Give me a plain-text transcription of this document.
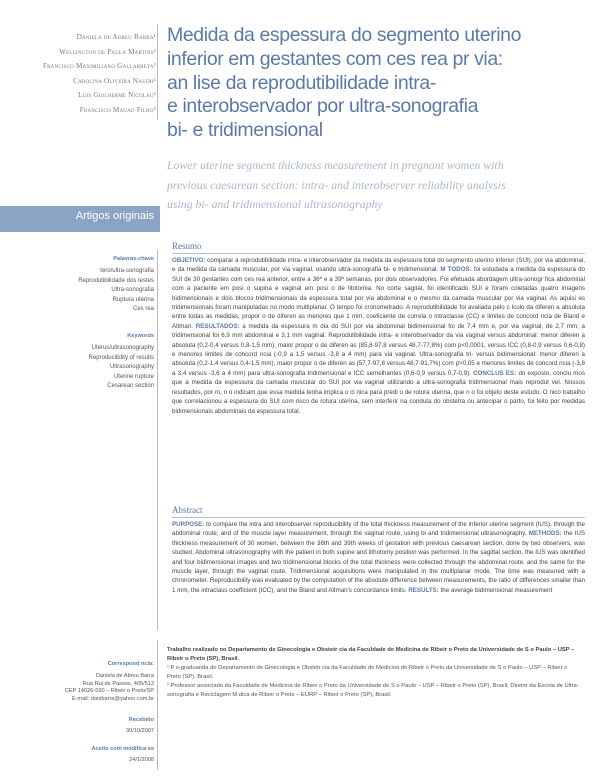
Daniela de Abreu Barra¹
Wellington de Paula Martins²
Francisco Maximiliano Gallarreta²
Carolina Oliveira Nastri²
Luis Guilherme Nicolau²
Francisco Mauad Filho³
Medida da espessura do segmento uterino
inferior em gestantes com ces rea pr via:
an lise da reprodutibilidade intra-
e interobservador por ultra-sonografia
bi- e tridimensional
Lower uterine segment thickness measurement in pregnant women with
previous caesarean section: intra- and interobserver reliability analysis
using bi- and tridimensional ultrasonography
Artigos originais
Palavras-chave
tero/ultra-sonografia
Reprodutibilidade dos testes
Ultra-sonografia
Ruptura uterina
Ces rea
Keywords
Uterus/ultrasonography
Reproducibility of results
Ultrasonography
Uterine rupture
Cesarean section
Resumo

OBJETIVO: comparar a reprodutibilidade intra- e interobservador da medida da espessura total do segmento uterino inferior (SUI), por via abdominal, e da medida da camada muscular, por via vaginal, usando ultra-sonografia bi- e tridimensional. M TODOS: foi estudada a medida da espessura do SUI de 30 gestantes com ces rea anterior, entre a 36ª e a 39ª semanas, por dois observadores. Foi efetuada abordagem ultra-sonogr fica abdominal com a paciente em posi o supina e vaginal em posi o de litotomia. No corte sagital, foi identificado SUI e foram coletadas quatro imagens bidimensionais e dois blocos tridimensionais da espessura total por via abdominal e o mesmo da camada muscular por via vaginal. As aquisi es tridimensionais foram manipuladas no modo multiplanar. O tempo foi cronometrado. A reprodutibilidade foi avaliada pelo c lculo da diferen a absoluta entre todas as medidas, propor o de diferen as menores que 1 mm, coeficiente de correla o intraclasse (CC) e limites de concord ncia de Bland e Altman. RESULTADOS: a medida da espessura m dia do SUI por via abdominal bidimensional foi de 7,4 mm e, por via vaginal, de 2,7 mm; a tridimensional foi 6,9 mm abdominal e 3,1 mm vaginal. Reprodutibilidade intra- e interobservador da via vaginal versus abdominal: menor diferen a absoluta (0,2-0,4 versus 0,8-1,5 mm), maior propor o de diferen as (85,8-97,8 versus 48,7-77,8%) com p<0,0001, versus ICC (0,8-0,9 versus 0,6-0,8) e menores limites de concord ncia (-0,9 a 1,5 versus -3,8 a 4 mm) para via vaginal. Ultra-sonografia tri- versus bidimensional: menor diferen a absoluta (0,2-1,4 versus 0,4-1,5 mm), maior propor o de diferen as (57,7-97,8 versus 48,7-91,7%) com p>0,05 e menores limites de concord ncia (-3,8 a 3,4 versus -3,6 a 4 mm) para ultra-sonografia tridimensional e ICC semelhantes (0,6-0,9 versus 0,7-0,9). CONCLUS ES: do exposto, conclu mos que a medida da espessura da camada muscular do SUI por via vaginal utilizando a ultra-sonografia tridimensional mais reprodut vel. Nossos resultados, por m, n o indicam que essa medida tenha implica o cl nica para predi o de rotura uterina, que n o foi objeto deste estudo. O nico trabalho que correlacionou a espessura do SUI com risco de rotura uterina, sem interferir na conduta do obstetra ou antecipar o parto, foi feito por medidas bidimensionais abdominais da espessura total.

Abstract

PURPOSE: to compare the intra and interobserver reproducibility of the total thickness measurement of the inferior uterine segment (IUS), through the abdominal route, and of the muscle layer measurement, through the vaginal route, using bi and tridimensional ultrasonography. METHODS: the IUS thickness measurement of 30 women, between the 36th and 39th weeks of gestation with previous caesarean section, done by two observers, was studied. Abdominal ultrasonography with the patient in both supine and lithotomy position was performed. In the sagittal section, the IUS was identified and four bidimensional images and two tridimensional blocks of the total thickness were collected through the abdominal route, and the same for the muscle layer, through the vaginal route. Tridimensional acquisitions were manipulated in the multiplanar mode. The time was measured with a chronometer. Reproducibility was evaluated by the computation of the absolute difference between measurements, the ratio of differences smaller than 1 mm, the intraclass coefficient (ICC), and the Bland and Altman's concordance limits. RESULTS: the average bidimensional measurement

Correspond ncia:
Daniela de Abreu Barra
Rua Rui de Passos, 405/513
CEP 14026-590 – Ribeir o Preto/SP
E-mail: danibarra@yahoo.com.br
Recebido
30/10/2007
Aceito com modifica es
24/1/2008

Trabalho realizado no Departamento de Ginecologia e Obstetr cia da Faculdade de Medicina de Ribeir o Preto da Universidade de S o Paulo – USP – Ribeir o Preto (SP), Brasil.

¹ P s-graduanda do Departamento de Ginecologia e Obstetr cia da Faculdade de Medicina de Ribeir o Preto da Universidade de S o Paulo – USP – Ribeir o Preto (SP), Brasil.

² Professor associado da Faculdade de Medicina de Ribeir o Preto da Universidade de S o Paulo – USP – Ribeir o Preto (SP), Brasil; Diretor da Escola de Ultra-sonografia e Reciclagem M dica de Ribeir o Preto – EURP – Ribeir o Preto (SP), Brasil.
